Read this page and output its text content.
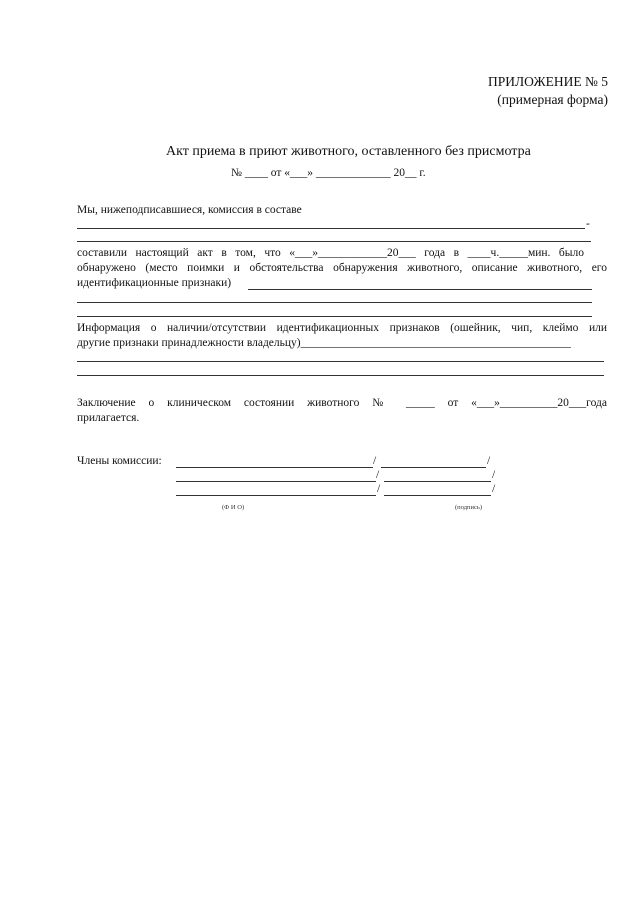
ПРИЛОЖЕНИЕ № 5
(примерная форма)
Акт приема в приют животного, оставленного без присмотра
№ ____ от «___» _____________ 20__ г.
Мы, нижеподписавшиеся, комиссия в составе
-
составили настоящий акт в том, что «___»____________20___ года в ____ч._____мин. было
обнаружено (место поимки и обстоятельства обнаружения животного, описание животного, его
идентификационные признаки)
Информация о наличии/отсутствии идентификационных признаков (ошейник, чип, клеймо или
другие признаки принадлежности владельцу)_______________________________________________
Заключение о клиническом состоянии животного № _____ от «___»__________20___года
прилагается.
Члены комиссии:	/	/
/	/
/	/
(Ф И О)	(подпись)
